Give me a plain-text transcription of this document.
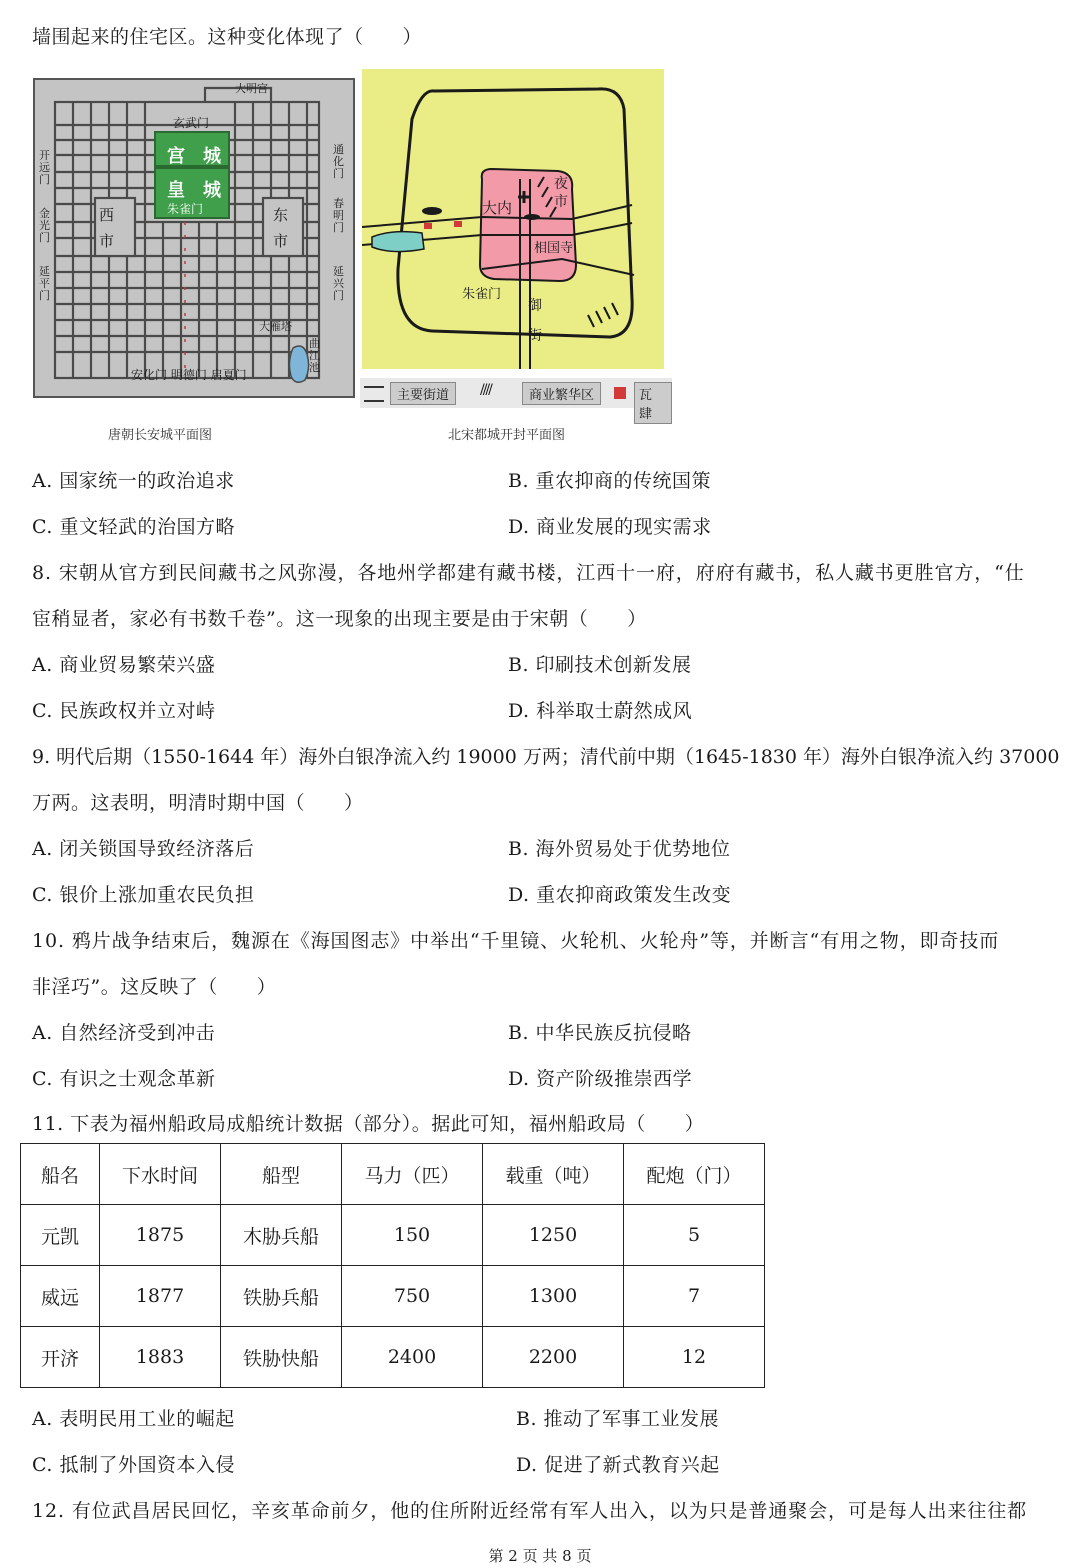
墙围起来的住宅区。这种变化体现了（　　）
大明宫
玄武门
宫　城
皇　城
朱雀门
西
市
东
市
开远门
金光门
延平门
通化门
春明门
延兴门
大雁塔
曲江池
安化门 明德门 启夏门
大内
夜市
相国寺
朱雀门
御街
主要街道	////	商业繁华区	瓦 肆
唐朝长安城平面图	北宋都城开封平面图
A. 国家统一的政治追求	B. 重农抑商的传统国策
C. 重文轻武的治国方略	D. 商业发展的现实需求
8. 宋朝从官方到民间藏书之风弥漫，各地州学都建有藏书楼，江西十一府，府府有藏书，私人藏书更胜官方，“仕
宦稍显者，家必有书数千卷”。这一现象的出现主要是由于宋朝（　　）
A. 商业贸易繁荣兴盛	B. 印刷技术创新发展
C. 民族政权并立对峙	D. 科举取士蔚然成风
9. 明代后期（1550-1644 年）海外白银净流入约 19000 万两；清代前中期（1645-1830 年）海外白银净流入约 37000
万两。这表明，明清时期中国（　　）
A. 闭关锁国导致经济落后	B. 海外贸易处于优势地位
C. 银价上涨加重农民负担	D. 重农抑商政策发生改变
10. 鸦片战争结束后，魏源在《海国图志》中举出“千里镜、火轮机、火轮舟”等，并断言“有用之物，即奇技而
非淫巧”。这反映了（　　）
A. 自然经济受到冲击	B. 中华民族反抗侵略
C. 有识之士观念革新	D. 资产阶级推崇西学
11. 下表为福州船政局成船统计数据（部分）。据此可知，福州船政局（　　）
船名	下水时间	船型	马力（匹）	载重（吨）	配炮（门）
元凯	1875	木胁兵船	150	1250	5
威远	1877	铁胁兵船	750	1300	7
开济	1883	铁胁快船	2400	2200	12
A. 表明民用工业的崛起	B. 推动了军事工业发展
C. 抵制了外国资本入侵	D. 促进了新式教育兴起
12. 有位武昌居民回忆，辛亥革命前夕，他的住所附近经常有军人出入，以为只是普通聚会，可是每人出来往往都
第 2 页 共 8 页
